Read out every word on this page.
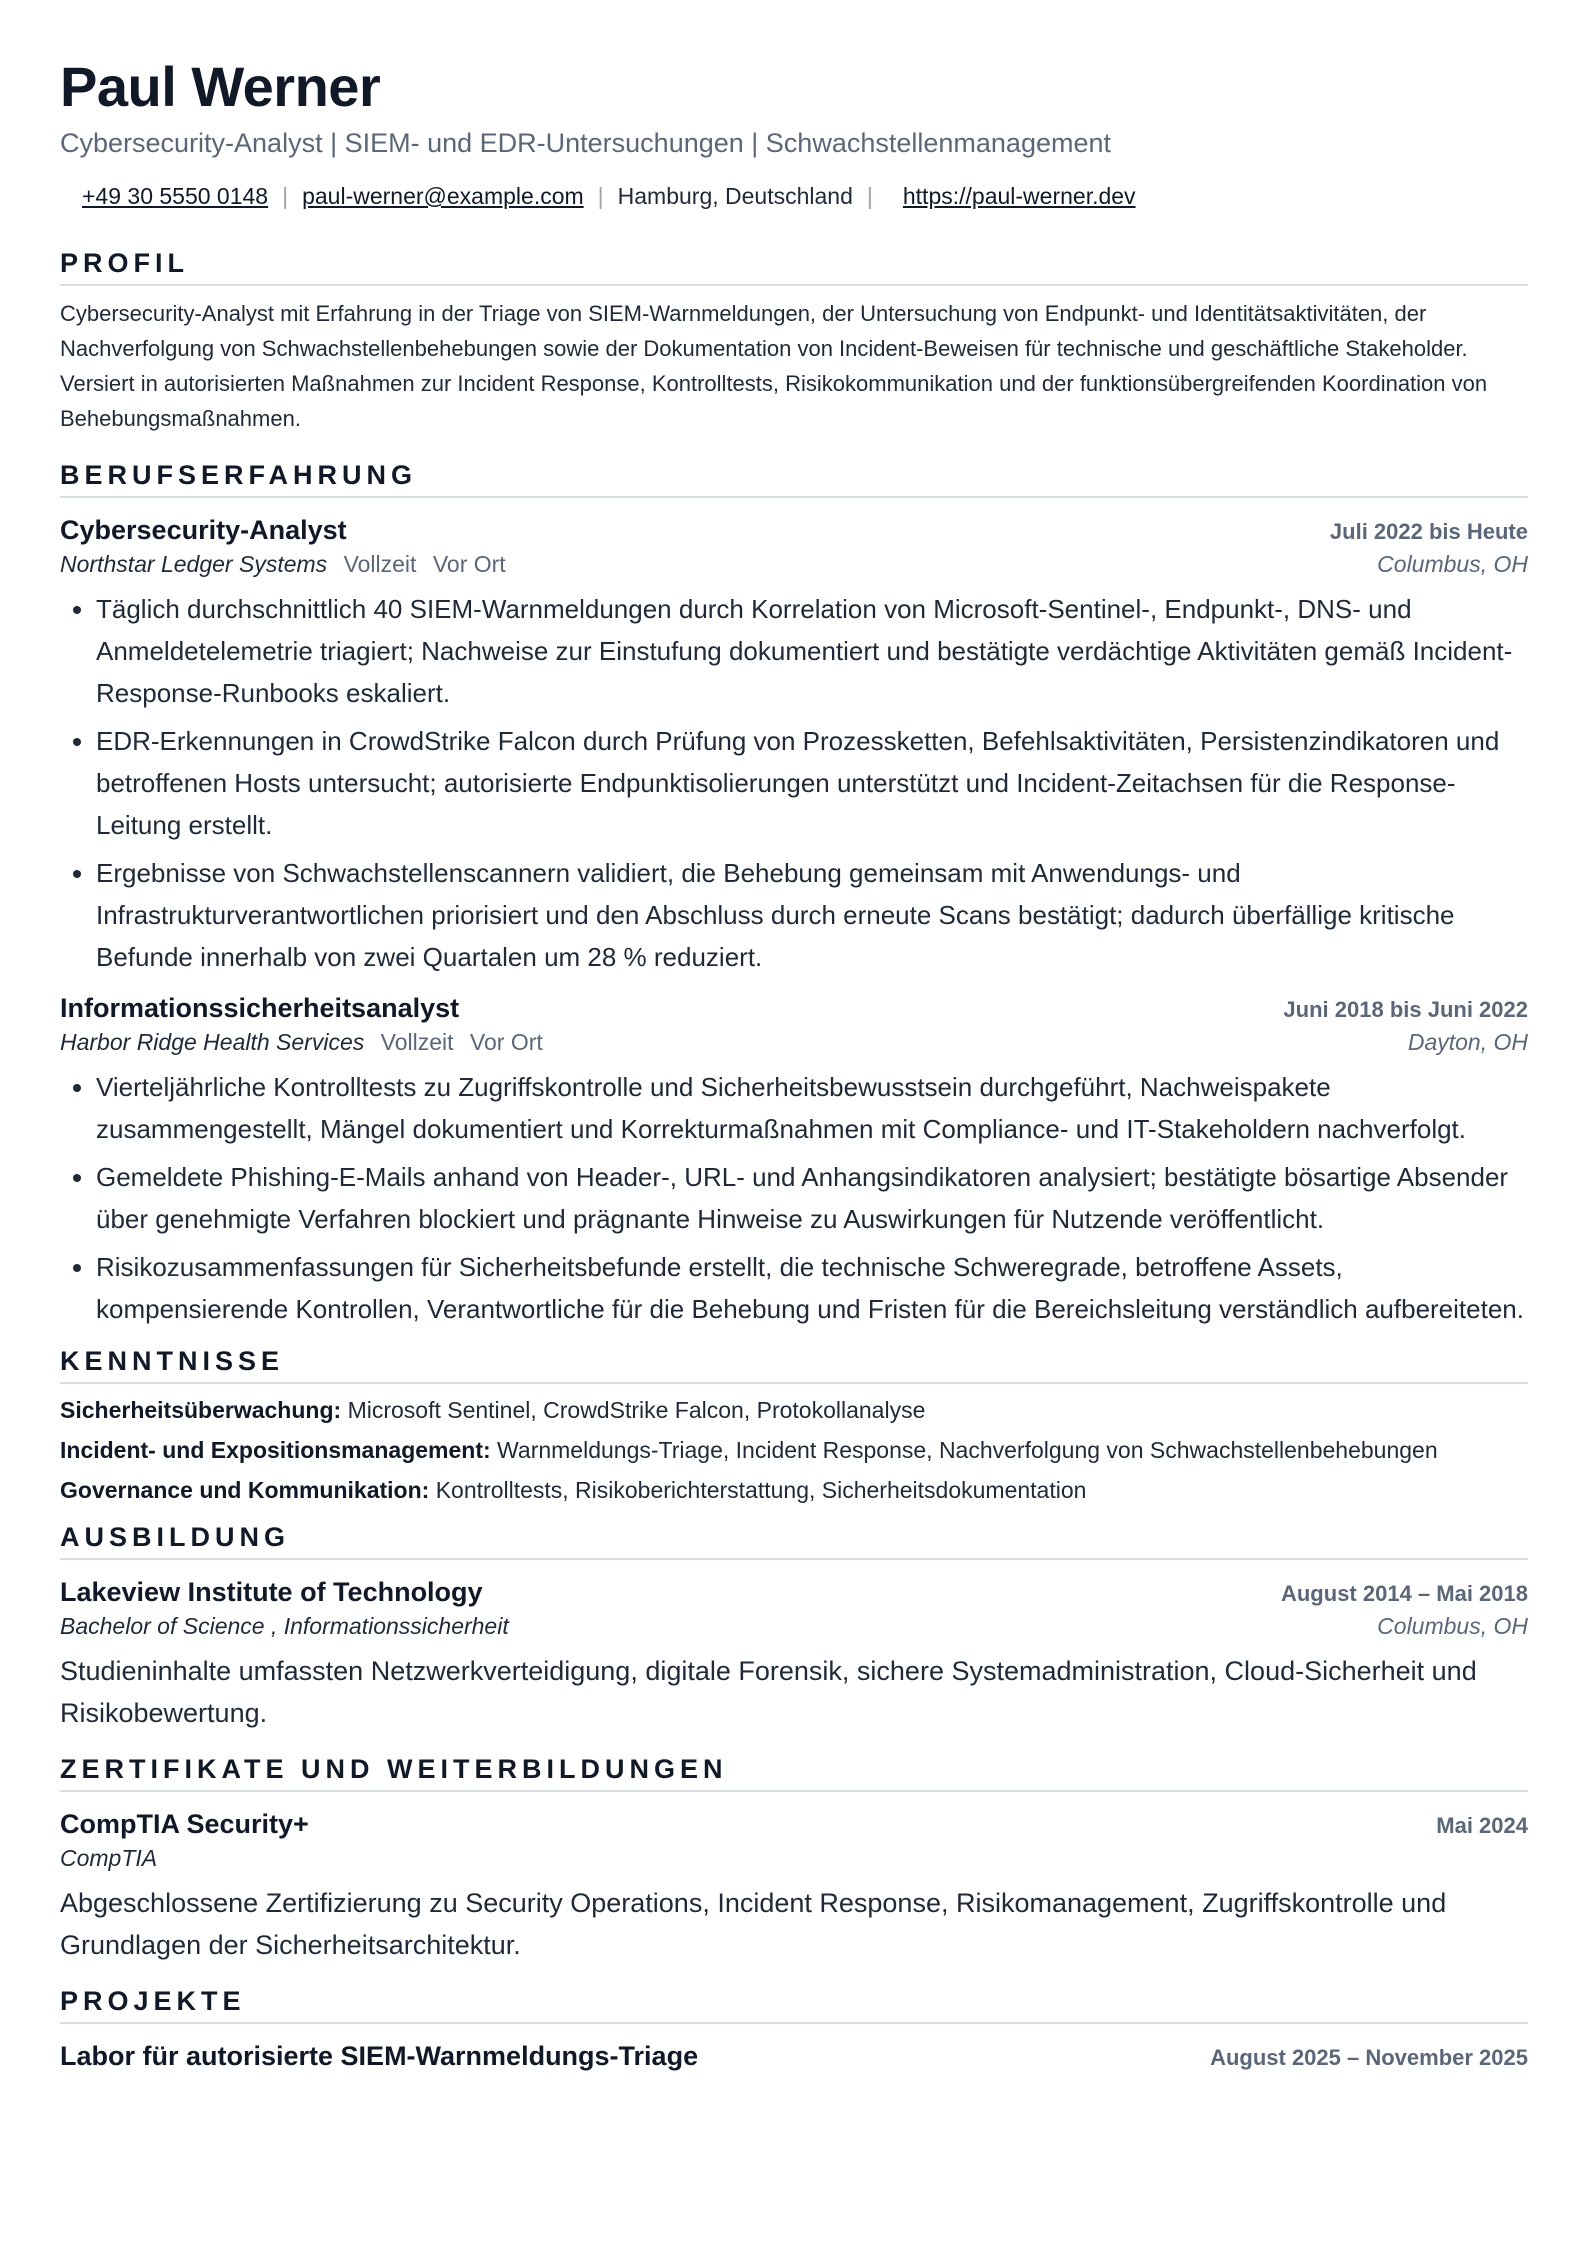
Paul Werner
Cybersecurity-Analyst | SIEM- und EDR-Untersuchungen | Schwachstellenmanagement
+49 30 5550 0148 | paul-werner@example.com | Hamburg, Deutschland | https://paul-werner.dev
PROFIL
Cybersecurity-Analyst mit Erfahrung in der Triage von SIEM-Warnmeldungen, der Untersuchung von Endpunkt- und Identitätsaktivitäten, der Nachverfolgung von Schwachstellenbehebungen sowie der Dokumentation von Incident-Beweisen für technische und geschäftliche Stakeholder. Versiert in autorisierten Maßnahmen zur Incident Response, Kontrolltests, Risikokommunikation und der funktionsübergreifenden Koordination von Behebungsmaßnahmen.
BERUFSERFAHRUNG
Cybersecurity-Analyst	Juli 2022 bis Heute
Northstar Ledger Systems Vollzeit Vor Ort	Columbus, OH
• Täglich durchschnittlich 40 SIEM-Warnmeldungen durch Korrelation von Microsoft-Sentinel-, Endpunkt-, DNS- und Anmeldetelemetrie triagiert; Nachweise zur Einstufung dokumentiert und bestätigte verdächtige Aktivitäten gemäß Incident-Response-Runbooks eskaliert.
• EDR-Erkennungen in CrowdStrike Falcon durch Prüfung von Prozessketten, Befehlsaktivitäten, Persistenzindikatoren und betroffenen Hosts untersucht; autorisierte Endpunktisolierungen unterstützt und Incident-Zeitachsen für die Response-Leitung erstellt.
• Ergebnisse von Schwachstellenscannern validiert, die Behebung gemeinsam mit Anwendungs- und Infrastrukturverantwortlichen priorisiert und den Abschluss durch erneute Scans bestätigt; dadurch überfällige kritische Befunde innerhalb von zwei Quartalen um 28 % reduziert.
Informationssicherheitsanalyst	Juni 2018 bis Juni 2022
Harbor Ridge Health Services Vollzeit Vor Ort	Dayton, OH
• Vierteljährliche Kontrolltests zu Zugriffskontrolle und Sicherheitsbewusstsein durchgeführt, Nachweispakete zusammengestellt, Mängel dokumentiert und Korrekturmaßnahmen mit Compliance- und IT-Stakeholdern nachverfolgt.
• Gemeldete Phishing-E-Mails anhand von Header-, URL- und Anhangsindikatoren analysiert; bestätigte bösartige Absender über genehmigte Verfahren blockiert und prägnante Hinweise zu Auswirkungen für Nutzende veröffentlicht.
• Risikozusammenfassungen für Sicherheitsbefunde erstellt, die technische Schweregrade, betroffene Assets, kompensierende Kontrollen, Verantwortliche für die Behebung und Fristen für die Bereichsleitung verständlich aufbereiteten.
KENNTNISSE
Sicherheitsüberwachung: Microsoft Sentinel, CrowdStrike Falcon, Protokollanalyse
Incident- und Expositionsmanagement: Warnmeldungs-Triage, Incident Response, Nachverfolgung von Schwachstellenbehebungen
Governance und Kommunikation: Kontrolltests, Risikoberichterstattung, Sicherheitsdokumentation
AUSBILDUNG
Lakeview Institute of Technology	August 2014 – Mai 2018
Bachelor of Science , Informationssicherheit	Columbus, OH
Studieninhalte umfassten Netzwerkverteidigung, digitale Forensik, sichere Systemadministration, Cloud-Sicherheit und Risikobewertung.
ZERTIFIKATE UND WEITERBILDUNGEN
CompTIA Security+	Mai 2024
CompTIA
Abgeschlossene Zertifizierung zu Security Operations, Incident Response, Risikomanagement, Zugriffskontrolle und Grundlagen der Sicherheitsarchitektur.
PROJEKTE
Labor für autorisierte SIEM-Warnmeldungs-Triage	August 2025 – November 2025
